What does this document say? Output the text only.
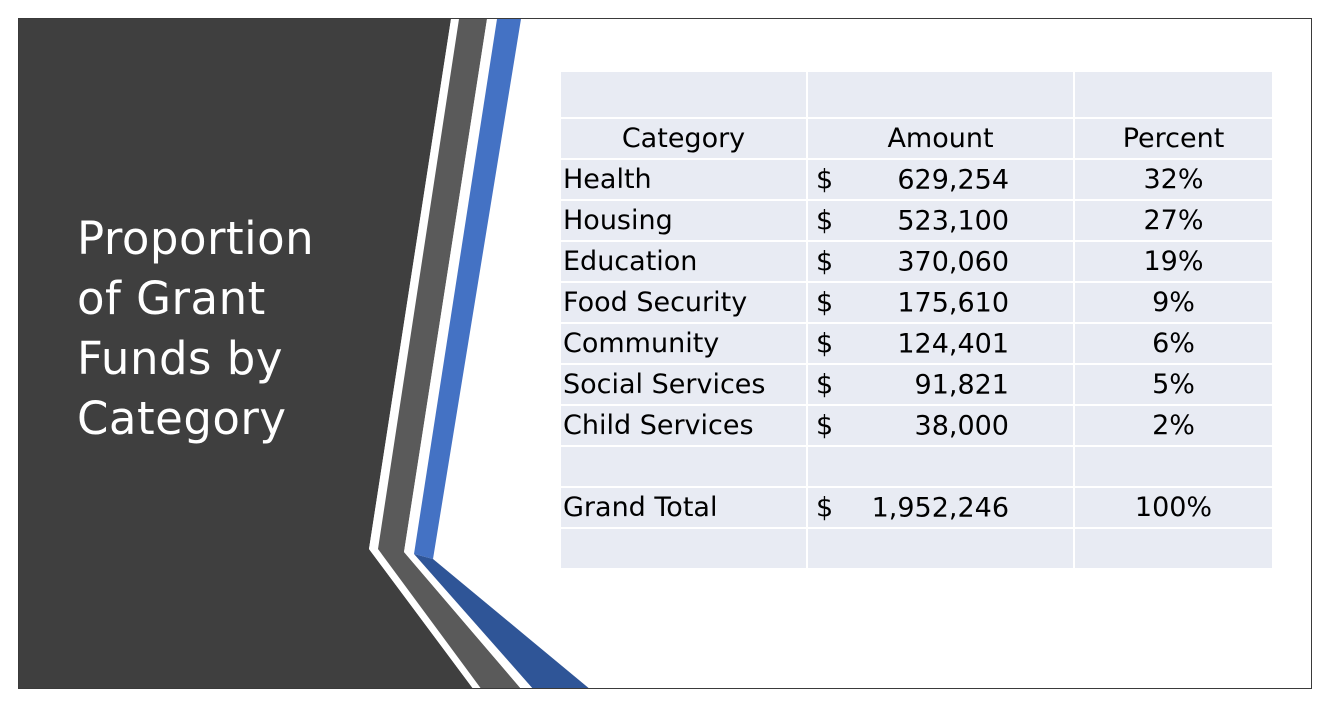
Proportion
of Grant
Funds by
Category

Category	Amount	Percent
Health	$ 629,254	32%
Housing	$ 523,100	27%
Education	$ 370,060	19%
Food Security	$ 175,610	9%
Community	$ 124,401	6%
Social Services	$ 91,821	5%
Child Services	$ 38,000	2%

Grand Total	$ 1,952,246	100%
